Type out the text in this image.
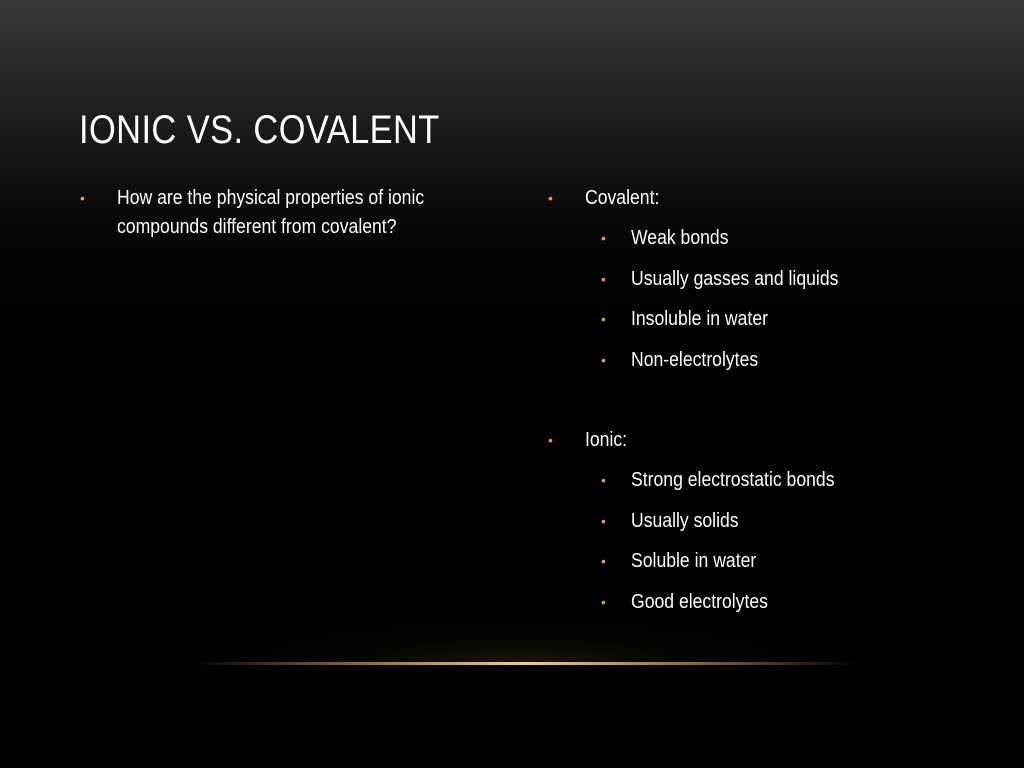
IONIC VS. COVALENT
• How are the physical properties of ionic compounds different from covalent?
• Covalent:
• Weak bonds
• Usually gasses and liquids
• Insoluble in water
• Non-electrolytes
• Ionic:
• Strong electrostatic bonds
• Usually solids
• Soluble in water
• Good electrolytes
